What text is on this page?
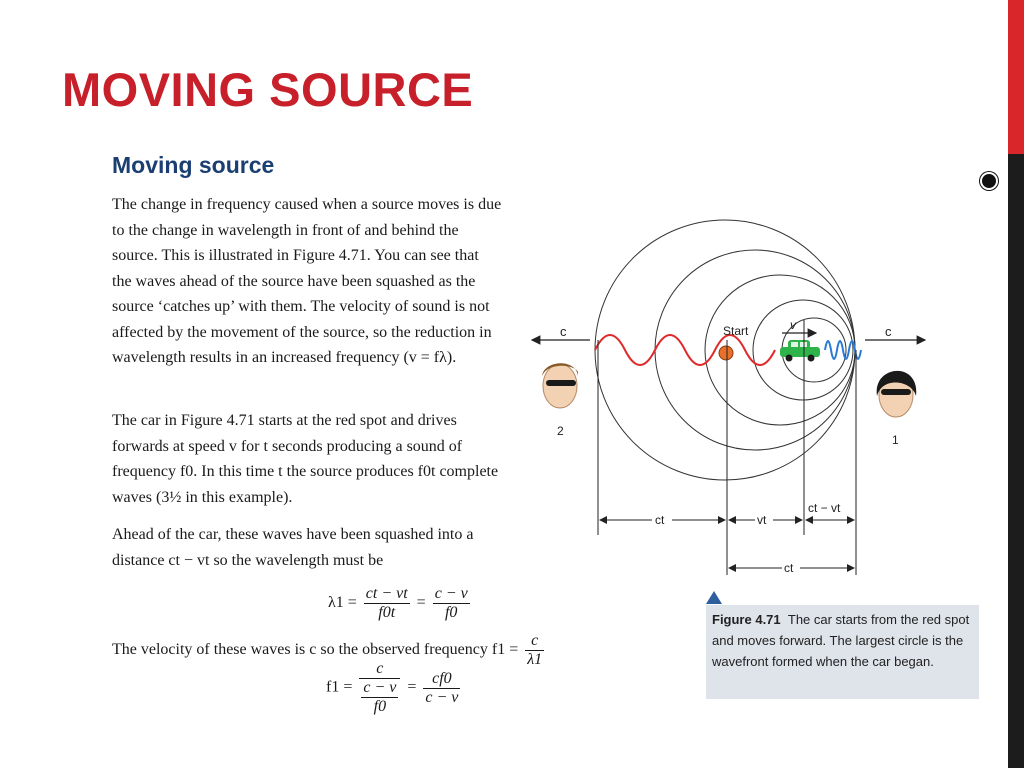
MOVING SOURCE
Moving source

The change in frequency caused when a source moves is due to the change in wavelength in front of and behind the source. This is illustrated in Figure 4.71. You can see that the waves ahead of the source have been squashed as the source ‘catches up’ with them. The velocity of sound is not affected by the movement of the source, so the reduction in wavelength results in an increased frequency (v = fλ).

The car in Figure 4.71 starts at the red spot and drives forwards at speed v for t seconds producing a sound of frequency f0. In this time t the source produces f0t complete waves (3½ in this example).

Ahead of the car, these waves have been squashed into a distance ct − vt so the wavelength must be

$\lambda 1 = \frac{ct - vt}{f0t} = \frac{c - v}{f0}$
The velocity of these waves is c so the observed frequency $f1 = \frac{c}{\lambda 1}$
$f1 = \frac{c}{\frac{c - v}{f0}} = \frac{cf0}{c - v}$
Start	v
c	c
2
1
ct	vt
ct − vt
ct

Figure 4.71 The car starts from the red spot and moves forward. The largest circle is the wavefront formed when the car began.
